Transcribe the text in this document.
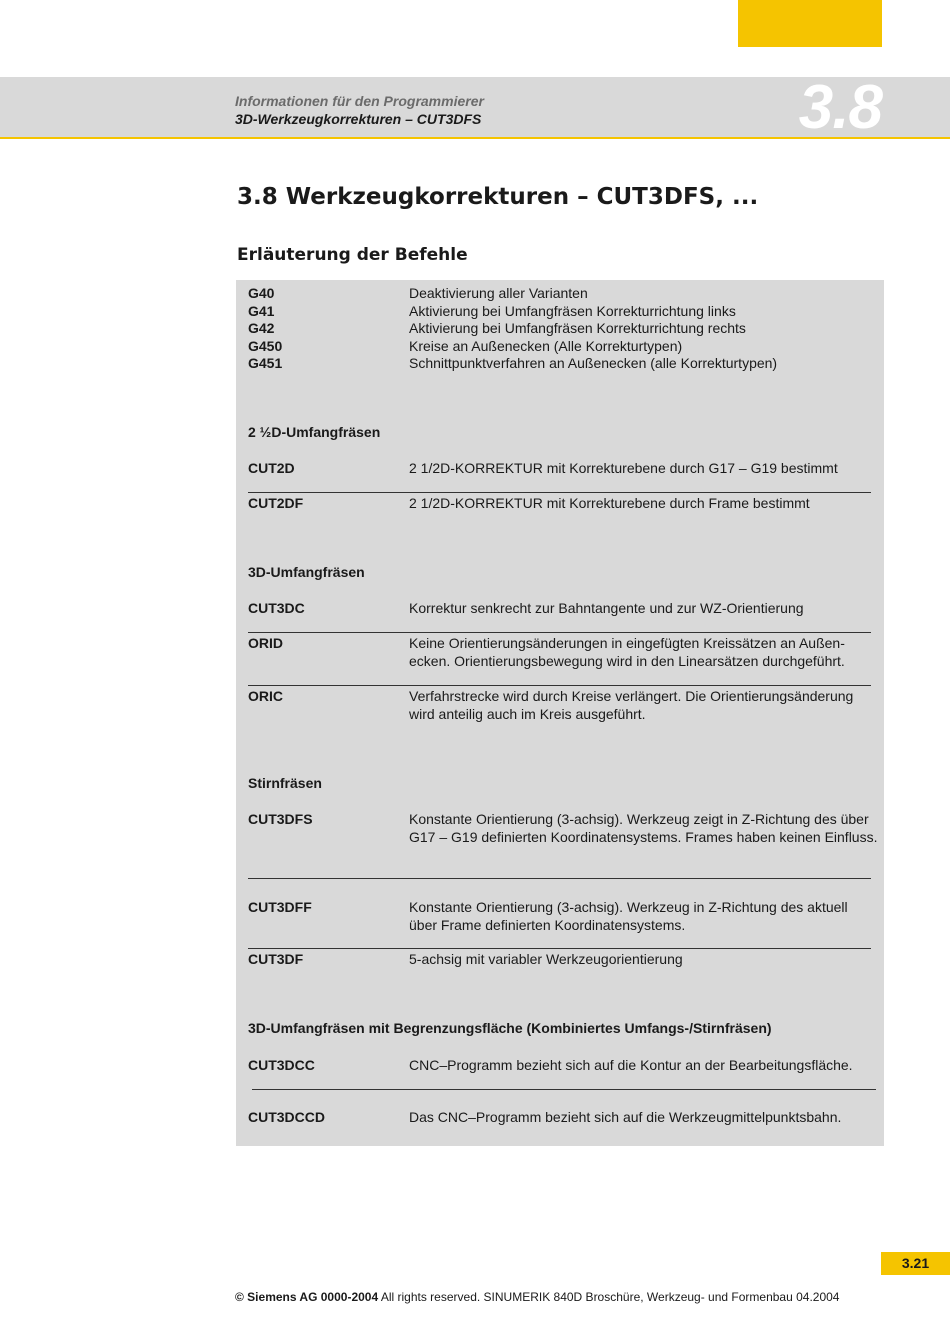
Informationen für den Programmierer
3D-Werkzeugkorrekturen – CUT3DFS	3.8
3.8 Werkzeugkorrekturen – CUT3DFS, ...
Erläuterung der Befehle
G40	Deaktivierung aller Varianten
G41	Aktivierung bei Umfangfräsen Korrekturrichtung links
G42	Aktivierung bei Umfangfräsen Korrekturrichtung rechts
G450	Kreise an Außenecken (Alle Korrekturtypen)
G451	Schnittpunktverfahren an Außenecken (alle Korrekturtypen)
2 ½D-Umfangfräsen
CUT2D	2 1/2D-KORREKTUR mit Korrekturebene durch G17 – G19 bestimmt
CUT2DF	2 1/2D-KORREKTUR mit Korrekturebene durch Frame bestimmt
3D-Umfangfräsen
CUT3DC	Korrektur senkrecht zur Bahntangente und zur WZ-Orientierung
ORID	Keine Orientierungsänderungen in eingefügten Kreissätzen an Außen-ecken. Orientierungsbewegung wird in den Linearsätzen durchgeführt.
ORIC	Verfahrstrecke wird durch Kreise verlängert. Die Orientierungsänderung wird anteilig auch im Kreis ausgeführt.
Stirnfräsen
CUT3DFS	Konstante Orientierung (3-achsig). Werkzeug zeigt in Z-Richtung des über G17 – G19 definierten Koordinatensystems. Frames haben keinen Einfluss.
CUT3DFF	Konstante Orientierung (3-achsig). Werkzeug in Z-Richtung des aktuell über Frame definierten Koordinatensystems.
CUT3DF	5-achsig mit variabler Werkzeugorientierung
3D-Umfangfräsen mit Begrenzungsfläche (Kombiniertes Umfangs-/Stirnfräsen)
CUT3DCC	CNC–Programm bezieht sich auf die Kontur an der Bearbeitungsfläche.
CUT3DCCD	Das CNC–Programm bezieht sich auf die Werkzeugmittelpunktsbahn.
3.21
© Siemens AG 0000-2004 All rights reserved. SINUMERIK 840D Broschüre, Werkzeug- und Formenbau 04.2004
